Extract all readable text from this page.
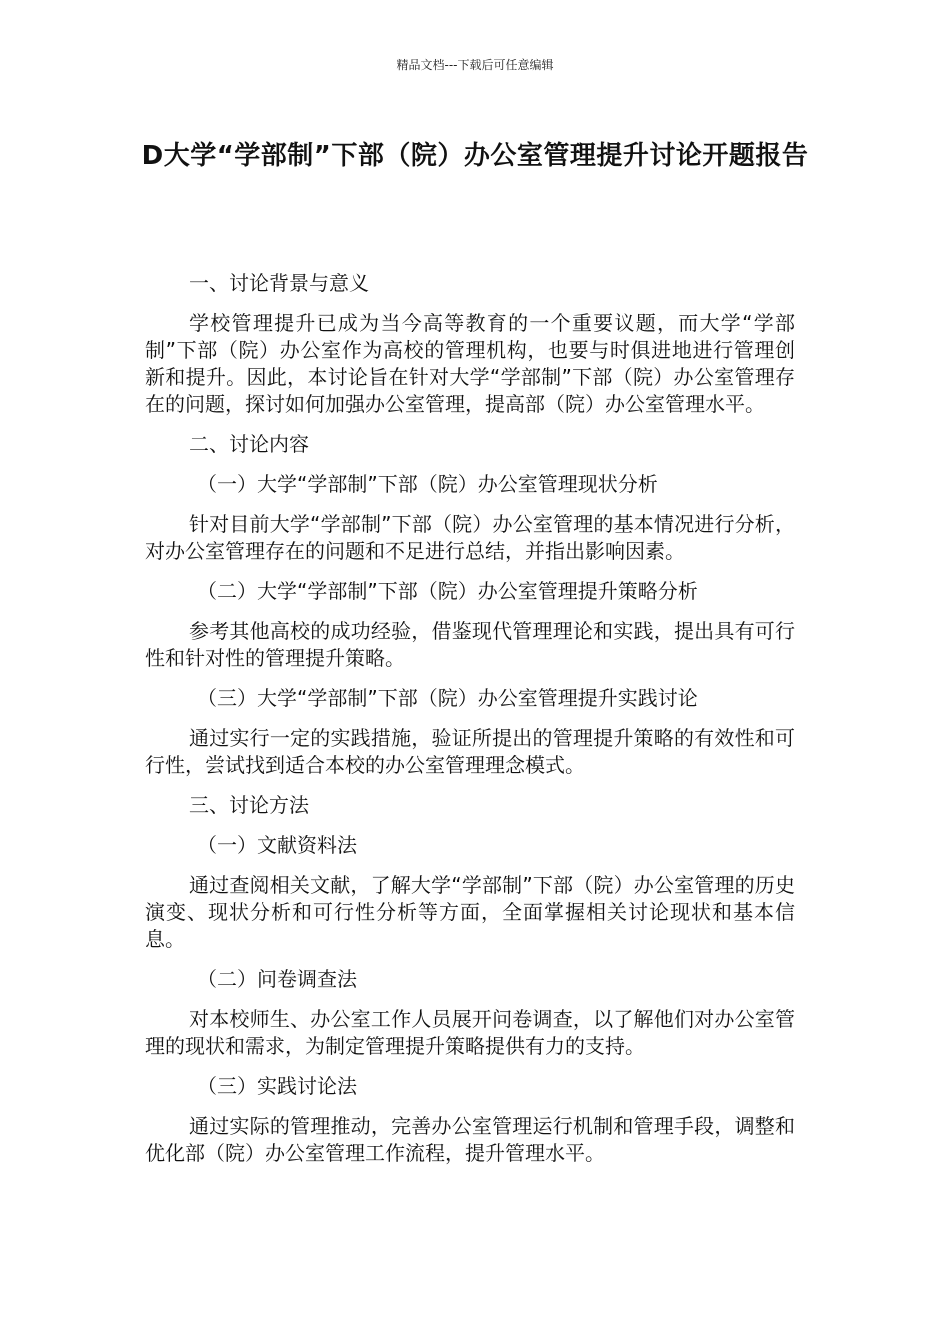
精品文档---下载后可任意编辑
D大学“学部制”下部（院）办公室管理提升讨论开题报告
一、讨论背景与意义
学校管理提升已成为当今高等教育的一个重要议题，而大学“学部制”下部（院）办公室作为高校的管理机构，也要与时俱进地进行管理创新和提升。因此，本讨论旨在针对大学“学部制”下部（院）办公室管理存在的问题，探讨如何加强办公室管理，提高部（院）办公室管理水平。
二、讨论内容
（一）大学“学部制”下部（院）办公室管理现状分析
针对目前大学“学部制”下部（院）办公室管理的基本情况进行分析，对办公室管理存在的问题和不足进行总结，并指出影响因素。
（二）大学“学部制”下部（院）办公室管理提升策略分析
参考其他高校的成功经验，借鉴现代管理理论和实践，提出具有可行性和针对性的管理提升策略。
（三）大学“学部制”下部（院）办公室管理提升实践讨论
通过实行一定的实践措施，验证所提出的管理提升策略的有效性和可行性，尝试找到适合本校的办公室管理理念模式。
三、讨论方法
（一）文献资料法
通过查阅相关文献，了解大学“学部制”下部（院）办公室管理的历史演变、现状分析和可行性分析等方面，全面掌握相关讨论现状和基本信息。
（二）问卷调查法
对本校师生、办公室工作人员展开问卷调查，以了解他们对办公室管理的现状和需求，为制定管理提升策略提供有力的支持。
（三）实践讨论法
通过实际的管理推动，完善办公室管理运行机制和管理手段，调整和优化部（院）办公室管理工作流程，提升管理水平。
